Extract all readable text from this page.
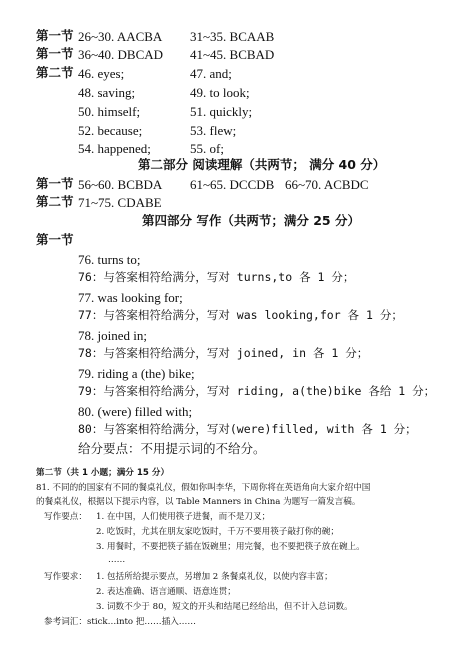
第一节 26~30. AACBA 31~35. BCAAB
第一节 36~40. DBCAD 41~45. BCBAD
第二节 46. eyes;	47. and;
48. saving;	49. to look;
50. himself;	51. quickly;
52. because;	53. flew;
54. happened;	55. of;
第二部分 阅读理解（共两节； 满分 40 分）
第一节 56~60. BCBDA 61~65. DCCDB 66~70. ACBDC
第二节 71~75. CDABE
第四部分 写作（共两节；满分 25 分）
第一节
76. turns to;
76：与答案相符给满分，写对 turns,to 各 1 分；
77. was looking for;
77：与答案相符给满分，写对 was looking,for 各 1 分；
78. joined in;
78：与答案相符给满分，写对 joined, in 各 1 分；
79. riding a (the) bike;
79：与答案相符给满分，写对 riding, a(the)bike 各给 1 分；
80. (were) filled with;
80：与答案相符给满分，写对(were)filled, with 各 1 分；
给分要点：不用提示词的不给分。
第二节（共 1 小题；满分 15 分）
81. 不同的的国家有不同的餐桌礼仪，假如你叫李华，下周你将在英语角向大家介绍中国
的餐桌礼仪，根据以下提示内容，以 Table Manners in China 为题写一篇发言稿。
写作要点： 1. 在中国，人们使用筷子进餐，而不是刀叉；
2. 吃饭时，尤其在朋友家吃饭时，千万不要用筷子敲打你的碗；
3. 用餐时，不要把筷子插在饭碗里；用完餐，也不要把筷子放在碗上。
……
写作要求： 1. 包括所给提示要点，另增加 2 条餐桌礼仪，以使内容丰富；
2. 表达准确、语言通顺、语意连贯；
3. 词数不少于 80，短文的开头和结尾已经给出，但不计入总词数。
参考词汇：stick…into 把……插入……
